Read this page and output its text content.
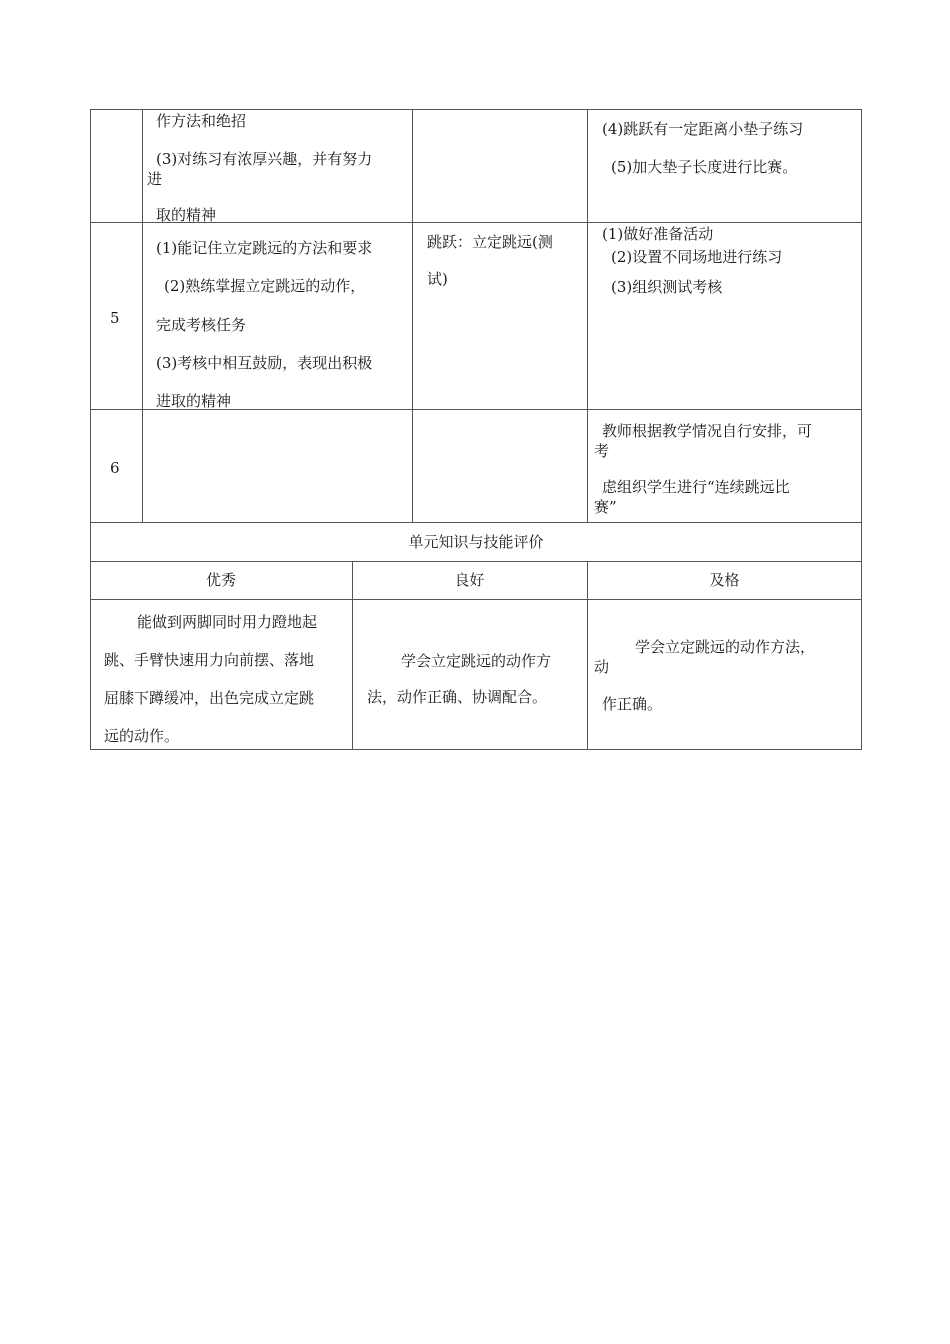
作方法和绝招
(3)对练习有浓厚兴趣，并有努力
进
取的精神
(4)跳跃有一定距离小垫子练习
(5)加大垫子长度进行比赛。
5
(1)能记住立定跳远的方法和要求
(2)熟练掌握立定跳远的动作，
完成考核任务
(3)考核中相互鼓励，表现出积极
进取的精神
跳跃：立定跳远(测
试)
(1)做好准备活动
(2)设置不同场地进行练习
(3)组织测试考核
6
教师根据教学情况自行安排，可
考
虑组织学生进行“连续跳远比
赛”
单元知识与技能评价
优秀	良好	及格
能做到两脚同时用力蹬地起
跳、手臂快速用力向前摆、落地
屈膝下蹲缓冲，出色完成立定跳
远的动作。
学会立定跳远的动作方
法，动作正确、协调配合。
学会立定跳远的动作方法，
动
作正确。
